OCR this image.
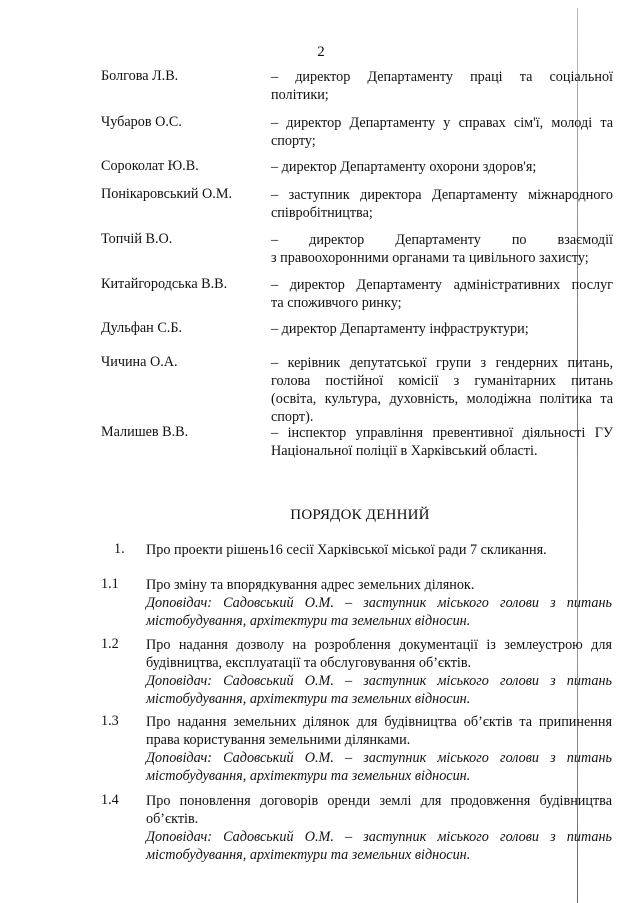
2
Болгова Л.В.	– директор Департаменту праці та соціальної
політики;
Чубаров О.С.	– директор Департаменту у справах сім'ї, молоді та
спорту;
Сороколат Ю.В.	– директор Департаменту охорони здоров'я;
Понікаровський О.М.	– заступник директора Департаменту міжнародного
співробітництва;
Топчій В.О.	– директор Департаменту по взаємодії
з правоохоронними органами та цивільного захисту;
Китайгородська В.В.	– директор Департаменту адміністративних послуг
та споживчого ринку;
Дульфан С.Б.	– директор Департаменту інфраструктури;
Чичина О.А.	– керівник депутатської групи з гендерних питань,
голова постійної комісії з гуманітарних питань
(освіта, культура, духовність, молодіжна політика та
спорт).
Малишев В.В.	– інспектор управління превентивної діяльності ГУ
Національної поліції в Харківський області.
ПОРЯДОК ДЕННИЙ
1. Про проекти рішень16 сесії Харківської міської ради 7 скликання.
1.1 Про зміну та впорядкування адрес земельних ділянок.
Доповідач: Садовський О.М. – заступник міського голови з питань
містобудування, архітектури та земельних відносин.
1.2 Про надання дозволу на розроблення документації із землеустрою для
будівництва, експлуатації та обслуговування об’єктів.
Доповідач: Садовський О.М. – заступник міського голови з питань
містобудування, архітектури та земельних відносин.
1.3 Про надання земельних ділянок для будівництва об’єктів та припинення
права користування земельними ділянками.
Доповідач: Садовський О.М. – заступник міського голови з питань
містобудування, архітектури та земельних відносин.
1.4 Про поновлення договорів оренди землі для продовження будівництва
об’єктів.
Доповідач: Садовський О.М. – заступник міського голови з питань
містобудування, архітектури та земельних відносин.
